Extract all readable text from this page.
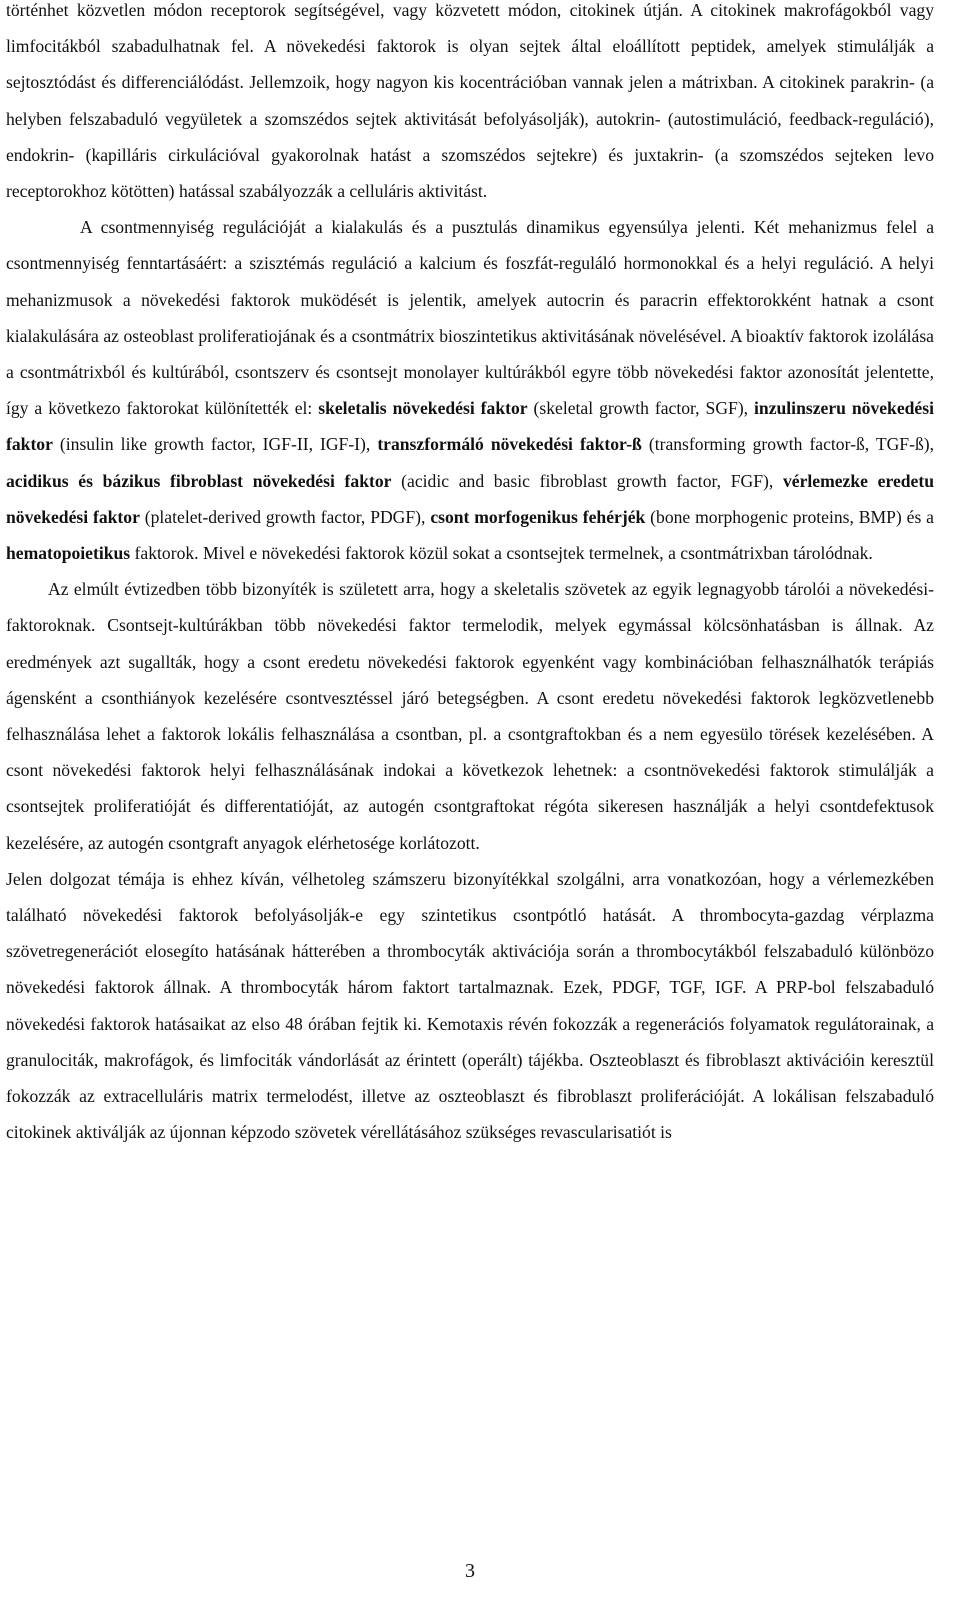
történhet közvetlen módon receptorok segítségével, vagy közvetett módon, citokinek útján. A citokinek makrofágokból vagy limfocitákból szabadulhatnak fel. A növekedési faktorok is olyan sejtek által eloállított peptidek, amelyek stimulálják a sejtosztódást és differenciálódást. Jellemzoik, hogy nagyon kis kocentrációban vannak jelen a mátrixban. A citokinek parakrin- (a helyben felszabaduló vegyületek a szomszédos sejtek aktivitását befolyásolják), autokrin- (autostimuláció, feedback-reguláció), endokrin- (kapilláris cirkulációval gyakorolnak hatást a szomszédos sejtekre) és juxtakrin- (a szomszédos sejteken levo receptorokhoz kötötten) hatással szabályozzák a celluláris aktivitást.

A csontmennyiség regulációját a kialakulás és a pusztulás dinamikus egyensúlya jelenti. Két mehanizmus felel a csontmennyiség fenntartásáért: a szisztémás reguláció a kalcium és foszfát-reguláló hormonokkal és a helyi reguláció. A helyi mehanizmusok a növekedési faktorok muködését is jelentik, amelyek autocrin és paracrin effektorokként hatnak a csont kialakulására az osteoblast proliferatiojának és a csontmátrix bioszintetikus aktivitásának növelésével. A bioaktív faktorok izolálása a csontmátrixból és kultúrából, csontszerv és csontsejt monolayer kultúrákból egyre több növekedési faktor azonosítát jelentette, így a következo faktorokat különítették el: skeletalis növekedési faktor (skeletal growth factor, SGF), inzulinszeru növekedési faktor (insulin like growth factor, IGF-II, IGF-I), transzformáló növekedési faktor-ß (transforming growth factor-ß, TGF-ß), acidikus és bázikus fibroblast növekedési faktor (acidic and basic fibroblast growth factor, FGF), vérlemezke eredetu növekedési faktor (platelet-derived growth factor, PDGF), csont morfogenikus fehérjék (bone morphogenic proteins, BMP) és a hematopoietikus faktorok. Mivel e növekedési faktorok közül sokat a csontsejtek termelnek, a csontmátrixban tárolódnak.

Az elmúlt évtizedben több bizonyíték is született arra, hogy a skeletalis szövetek az egyik legnagyobb tárolói a növekedési-faktoroknak. Csontsejt-kultúrákban több növekedési faktor termelodik, melyek egymással kölcsönhatásban is állnak. Az eredmények azt sugallták, hogy a csont eredetu növekedési faktorok egyenként vagy kombinációban felhasználhatók terápiás ágensként a csonthiányok kezelésére csontvesztéssel járó betegségben. A csont eredetu növekedési faktorok legközvetlenebb felhasználása lehet a faktorok lokális felhasználása a csontban, pl. a csontgraftokban és a nem egyesülo törések kezelésében. A csont növekedési faktorok helyi felhasználásának indokai a következok lehetnek: a csontnövekedési faktorok stimulálják a csontsejtek proliferatióját és differentatióját, az autogén csontgraftokat régóta sikeresen használják a helyi csontdefektusok kezelésére, az autogén csontgraft anyagok elérhetosége korlátozott.

Jelen dolgozat témája is ehhez kíván, vélhetoleg számszeru bizonyítékkal szolgálni, arra vonatkozóan, hogy a vérlemezkében található növekedési faktorok befolyásolják-e egy szintetikus csontpótló hatását. A thrombocyta-gazdag vérplazma szövetregenerációt elosegíto hatásának hátterében a thrombocyták aktivációja során a thrombocytákból felszabaduló különbözo növekedési faktorok állnak. A thrombocyták három faktort tartalmaznak. Ezek, PDGF, TGF, IGF. A PRP-bol felszabaduló növekedési faktorok hatásaikat az elso 48 órában fejtik ki. Kemotaxis révén fokozzák a regenerációs folyamatok regulátorainak, a granulociták, makrofágok, és limfociták vándorlását az érintett (operált) tájékba. Oszteoblaszt és fibroblaszt aktivációin keresztül fokozzák az extracelluláris matrix termelodést, illetve az oszteoblaszt és fibroblaszt proliferációját. A lokálisan felszabaduló citokinek aktiválják az újonnan képzodo szövetek vérellátásához szükséges revascularisatiót is

3
